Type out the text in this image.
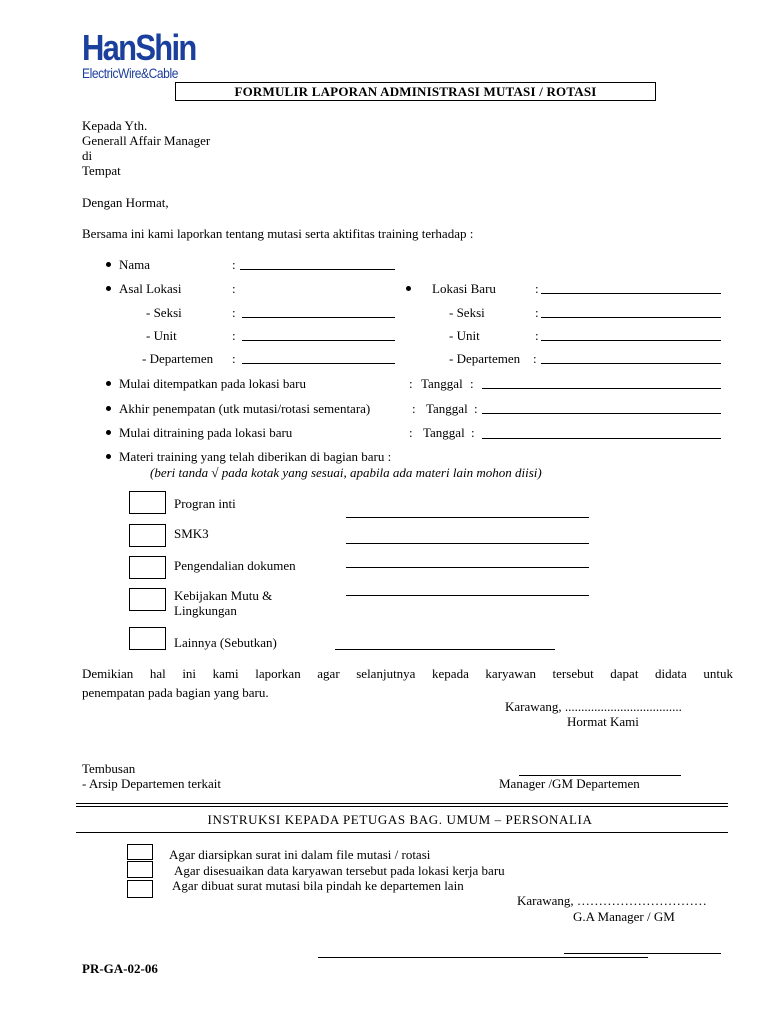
HanShin
ElectricWire&Cable
FORMULIR LAPORAN ADMINISTRASI MUTASI / ROTASI
Kepada Yth.
Generall Affair Manager
di
Tempat
Dengan Hormat,
Bersama ini kami laporkan tentang mutasi serta aktifitas training terhadap :
Nama	:
Asal Lokasi	:	Lokasi Baru	:
- Seksi	:	- Seksi	:
- Unit	:	- Unit	:
- Departemen :	- Departemen :
Mulai ditempatkan pada lokasi baru	: Tanggal :
Akhir penempatan (utk mutasi/rotasi sementara)	: Tanggal :
Mulai ditraining pada lokasi baru	: Tanggal :
Materi training yang telah diberikan di bagian baru :
(beri tanda √ pada kotak yang sesuai, apabila ada materi lain mohon diisi)
Progran inti
SMK3
Pengendalian dokumen
Kebijakan Mutu &
Lingkungan
Lainnya (Sebutkan)
Demikian hal ini kami laporkan agar selanjutnya kepada karyawan tersebut dapat didata untuk
penempatan pada bagian yang baru.
Karawang, ....................................
Hormat Kami
Manager /GM Departemen
Tembusan
- Arsip Departemen terkait
INSTRUKSI KEPADA PETUGAS BAG. UMUM – PERSONALIA
Agar diarsipkan surat ini dalam file mutasi / rotasi
Agar disesuaikan data karyawan tersebut pada lokasi kerja baru
Agar dibuat surat mutasi bila pindah ke departemen lain
Karawang, …………………………
G.A Manager / GM
PR-GA-02-06
